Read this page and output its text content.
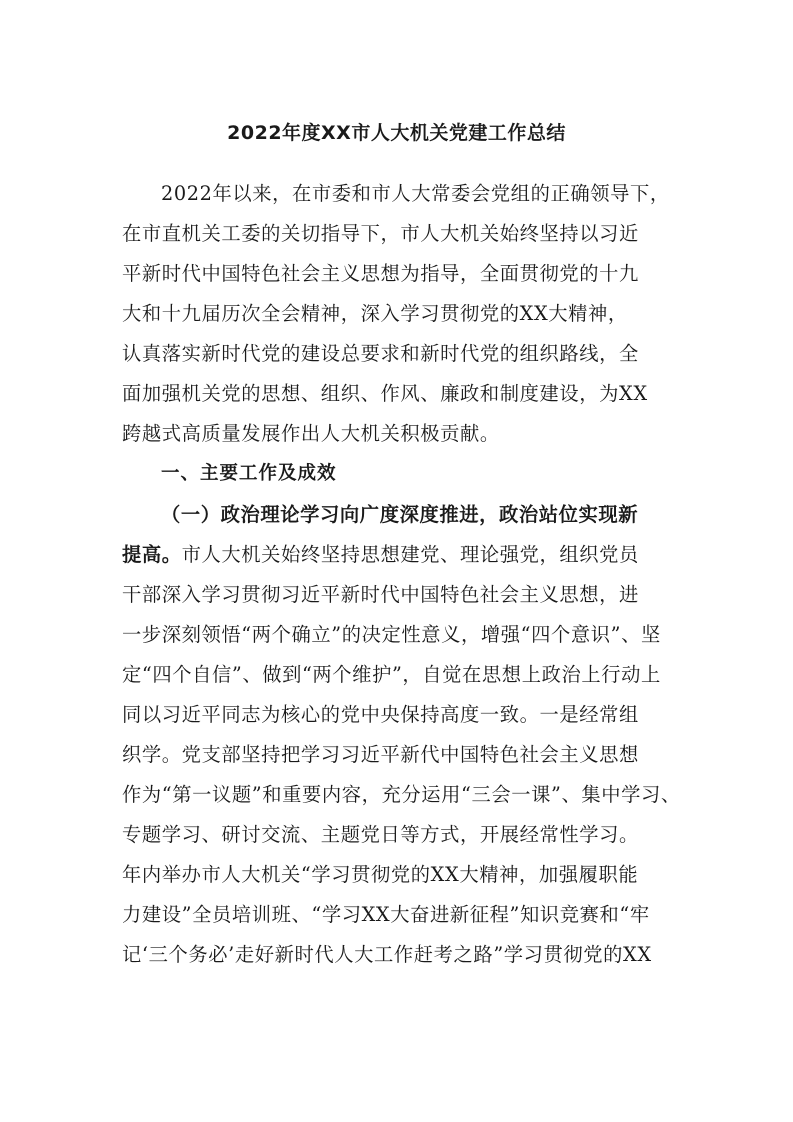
2022年度XX市人大机关党建工作总结
2022年以来，在市委和市人大常委会党组的正确领导下，
在市直机关工委的关切指导下，市人大机关始终坚持以习近
平新时代中国特色社会主义思想为指导，全面贯彻党的十九
大和十九届历次全会精神，深入学习贯彻党的XX大精神，
认真落实新时代党的建设总要求和新时代党的组织路线，全
面加强机关党的思想、组织、作风、廉政和制度建设，为XX
跨越式高质量发展作出人大机关积极贡献。
一、主要工作及成效
（一）政治理论学习向广度深度推进，政治站位实现新
提高。市人大机关始终坚持思想建党、理论强党，组织党员
干部深入学习贯彻习近平新时代中国特色社会主义思想，进
一步深刻领悟“两个确立”的决定性意义，增强“四个意识”、坚
定“四个自信”、做到“两个维护”，自觉在思想上政治上行动上
同以习近平同志为核心的党中央保持高度一致。一是经常组
织学。党支部坚持把学习习近平新代中国特色社会主义思想
作为“第一议题”和重要内容，充分运用“三会一课”、集中学习、
专题学习、研讨交流、主题党日等方式，开展经常性学习。
年内举办市人大机关“学习贯彻党的XX大精神，加强履职能
力建设”全员培训班、“学习XX大奋进新征程”知识竞赛和“牢
记‘三个务必’走好新时代人大工作赶考之路”学习贯彻党的XX
